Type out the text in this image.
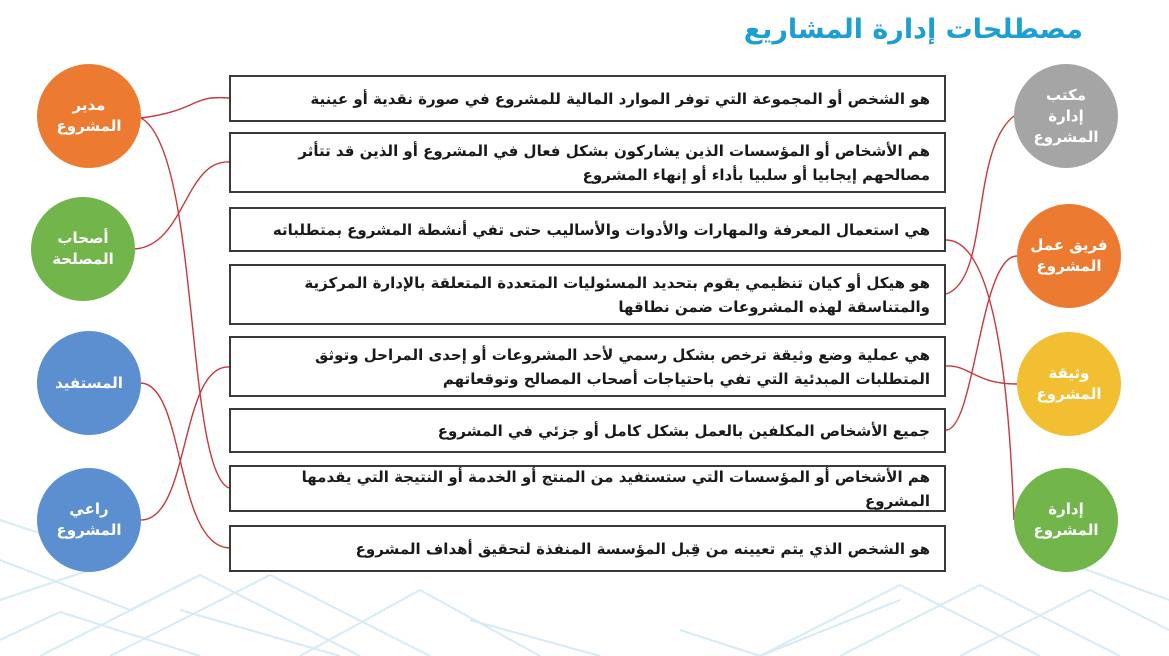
مصطلحات إدارة المشاريع
مدير
المشروع
أصحاب
المصلحة
المستفيد
راعي
المشروع
مكتب
إدارة
المشروع
فريق عمل
المشروع
وثيقة
المشروع
إدارة
المشروع
هو الشخص أو المجموعة التي توفر الموارد المالية للمشروع في صورة نقدية أو عينية
هم الأشخاص أو المؤسسات الذين يشاركون بشكل فعال في المشروع أو الذين قد تتأثر مصالحهم إيجابيا أو سلبيا بأداء أو إنهاء المشروع
هي استعمال المعرفة والمهارات والأدوات والأساليب حتى تفي أنشطة المشروع بمتطلباته
هو هيكل أو كيان تنظيمي يقوم بتحديد المسئوليات المتعددة المتعلقة بالإدارة المركزية والمتناسقة لهذه المشروعات ضمن نطاقها
هي عملية وضع وثيقة ترخص بشكل رسمي لأحد المشروعات أو إحدى المراحل وتوثق المتطلبات المبدئية التي تفي باحتياجات أصحاب المصالح وتوقعاتهم
جميع الأشخاص المكلفين بالعمل بشكل كامل أو جزئي في المشروع
هم الأشخاص أو المؤسسات التي ستستفيد من المنتج أو الخدمة أو النتيجة التي يقدمها المشروع
هو الشخص الذي يتم تعيينه من قِبل المؤسسة المنفذة لتحقيق أهداف المشروع
